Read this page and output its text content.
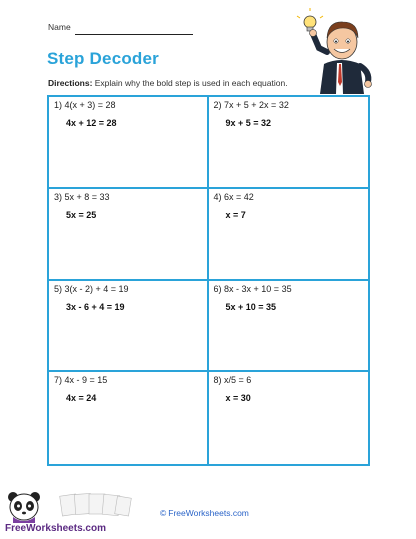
Name
Step Decoder
Directions: Explain why the bold step is used in each equation.
1) 4(x + 3) = 28
4x + 12 = 28
2) 7x + 5 + 2x = 32
9x + 5 = 32
3) 5x + 8 = 33
5x = 25
4) 6x = 42
x = 7
5) 3(x - 2) + 4 = 19
3x - 6 + 4 = 19
6) 8x - 3x + 10 = 35
5x + 10 = 35
7) 4x - 9 = 15
4x = 24
8) x/5 = 6
x = 30
FreeWorksheets.com
© FreeWorksheets.com
